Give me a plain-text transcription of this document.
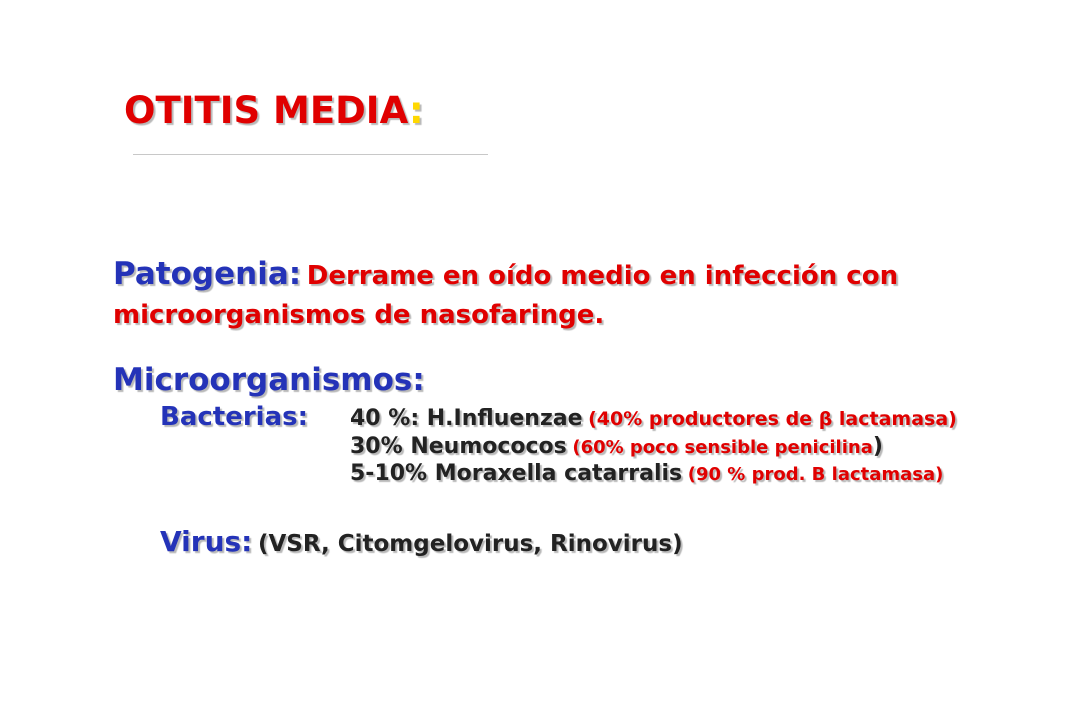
OTITIS MEDIA:
Patogenia: Derrame en oído medio en infección con
microorganismos de nasofaringe.
Microorganismos:
Bacterias: 40 %: H.Influenzae (40% productores de β lactamasa)
30% Neumococos (60% poco sensible penicilina)
5-10% Moraxella catarralis (90 % prod. B lactamasa)
Virus: (VSR, Citomgelovirus, Rinovirus)
